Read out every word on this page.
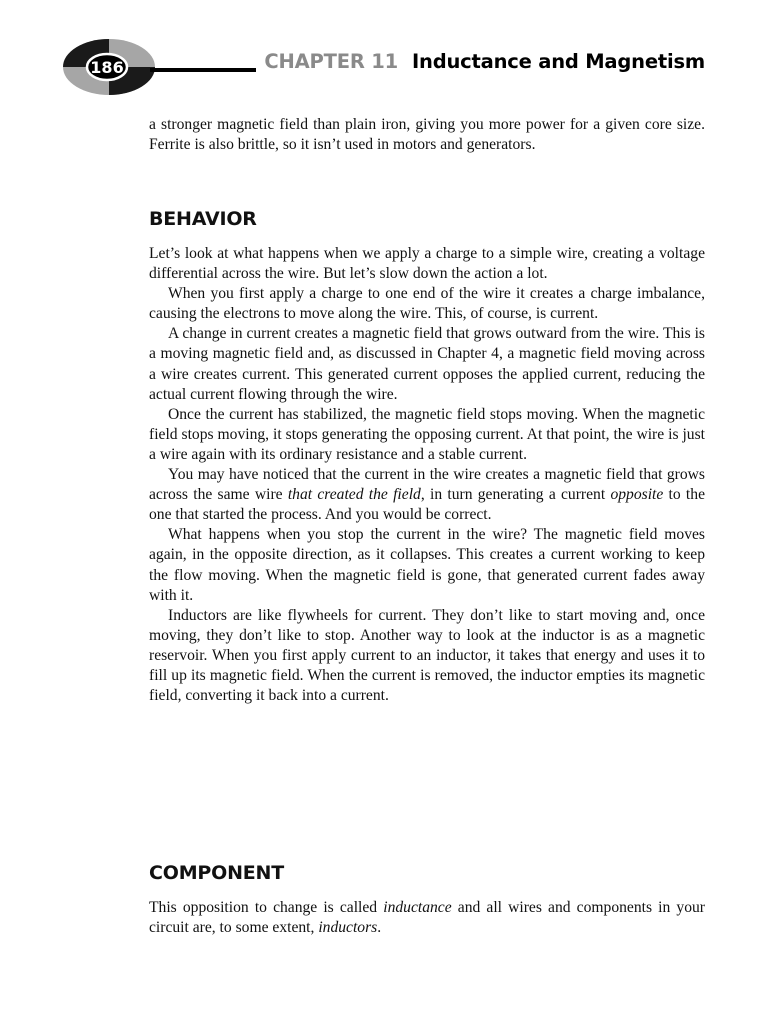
186	CHAPTER 11 Inductance and Magnetism

a stronger magnetic field than plain iron, giving you more power for a given core size. Ferrite is also brittle, so it isn’t used in motors and generators.

BEHAVIOR

Let’s look at what happens when we apply a charge to a simple wire, creating a voltage differential across the wire. But let’s slow down the action a lot.

When you first apply a charge to one end of the wire it creates a charge imbalance, causing the electrons to move along the wire. This, of course, is current.

A change in current creates a magnetic field that grows outward from the wire. This is a moving magnetic field and, as discussed in Chapter 4, a magnetic field moving across a wire creates current. This generated current opposes the applied current, reducing the actual current flowing through the wire.

Once the current has stabilized, the magnetic field stops moving. When the magnetic field stops moving, it stops generating the opposing current. At that point, the wire is just a wire again with its ordinary resistance and a stable current.

You may have noticed that the current in the wire creates a magnetic field that grows across the same wire that created the field, in turn generating a current opposite to the one that started the process. And you would be correct.

What happens when you stop the current in the wire? The magnetic field moves again, in the opposite direction, as it collapses. This creates a current working to keep the flow moving. When the magnetic field is gone, that generated current fades away with it.

Inductors are like flywheels for current. They don’t like to start moving and, once moving, they don’t like to stop. Another way to look at the inductor is as a magnetic reservoir. When you first apply current to an inductor, it takes that energy and uses it to fill up its magnetic field. When the current is removed, the inductor empties its magnetic field, converting it back into a current.

COMPONENT

This opposition to change is called inductance and all wires and components in your circuit are, to some extent, inductors.
